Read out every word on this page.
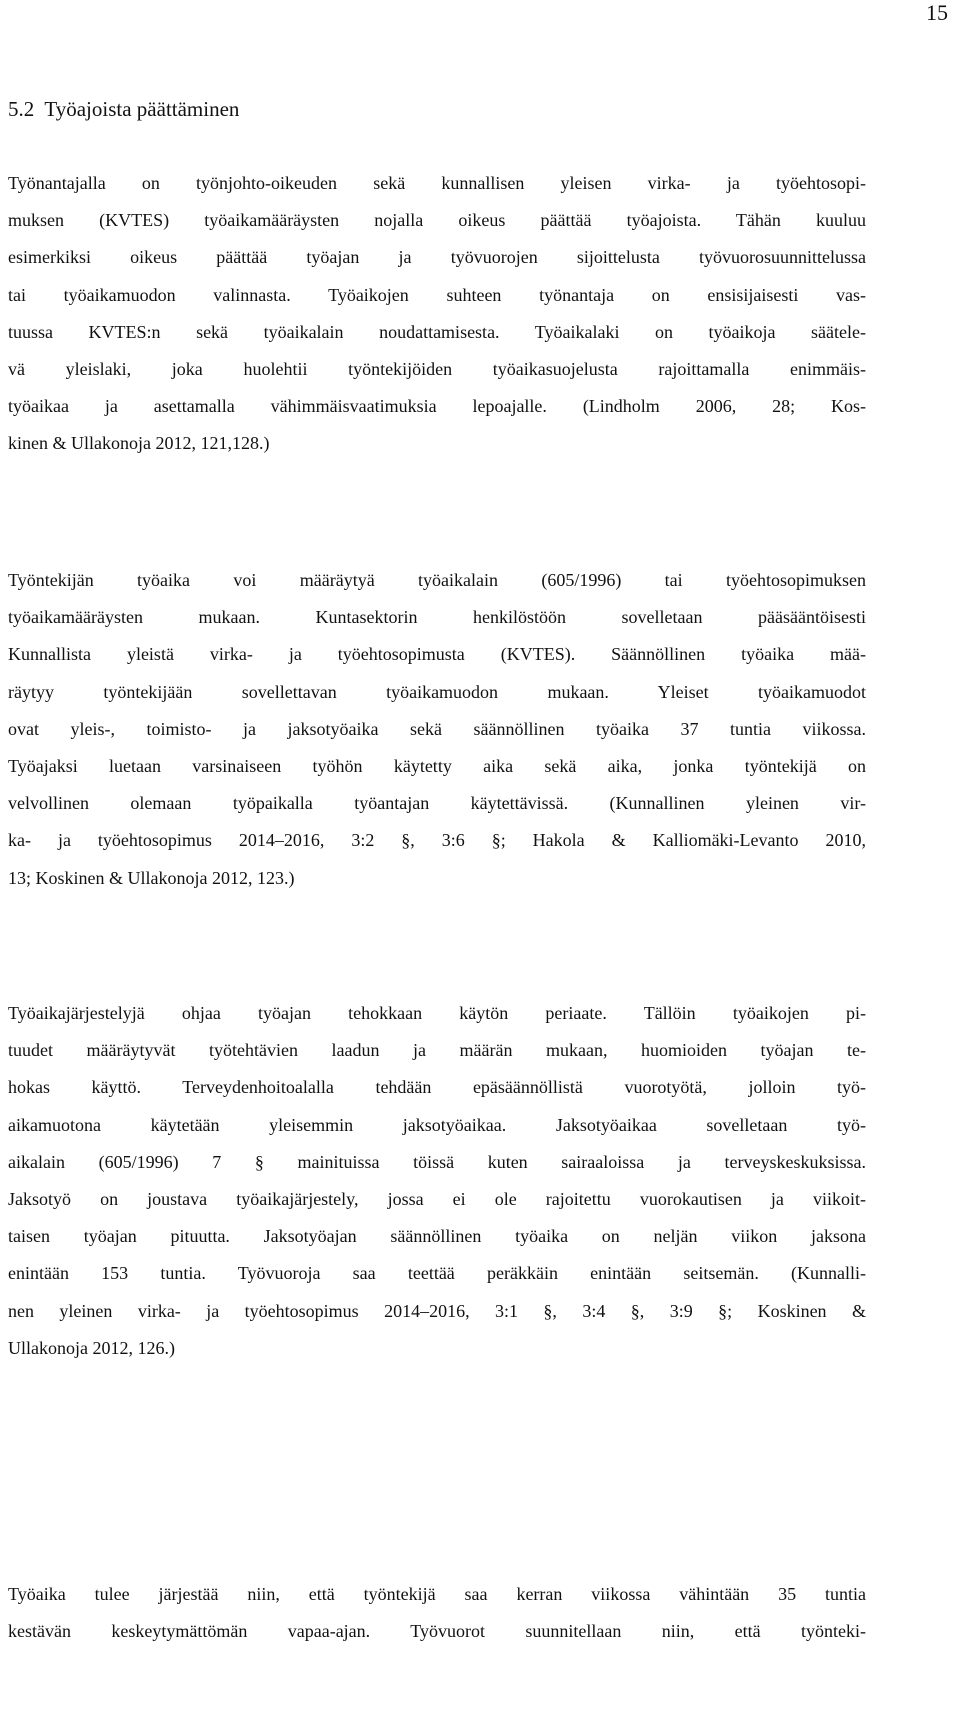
15
5.2  Työajoista päättäminen
Työnantajalla on työnjohto-oikeuden sekä kunnallisen yleisen virka- ja työehtosopi-
muksen (KVTES) työaikamääräysten nojalla oikeus päättää työajoista. Tähän kuuluu
esimerkiksi oikeus päättää työajan ja työvuorojen sijoittelusta työvuorosuunnittelussa
tai työaikamuodon valinnasta. Työaikojen suhteen työnantaja on ensisijaisesti vas-
tuussa KVTES:n sekä työaikalain noudattamisesta. Työaikalaki on työaikoja säätele-
vä yleislaki, joka huolehtii työntekijöiden työaikasuojelusta rajoittamalla enimmäis-
työaikaa ja asettamalla vähimmäisvaatimuksia lepoajalle. (Lindholm 2006, 28; Kos-
kinen & Ullakonoja 2012, 121,128.)
Työntekijän työaika voi määräytyä työaikalain (605/1996) tai työehtosopimuksen
työaikamääräysten mukaan. Kuntasektorin henkilöstöön sovelletaan pääsääntöisesti
Kunnallista yleistä virka- ja työehtosopimusta (KVTES). Säännöllinen työaika mää-
räytyy työntekijään sovellettavan työaikamuodon mukaan. Yleiset työaikamuodot
ovat yleis-, toimisto- ja jaksotyöaika sekä säännöllinen työaika 37 tuntia viikossa.
Työajaksi luetaan varsinaiseen työhön käytetty aika sekä aika, jonka työntekijä on
velvollinen olemaan työpaikalla työantajan käytettävissä. (Kunnallinen yleinen vir-
ka- ja työehtosopimus 2014–2016, 3:2 §, 3:6 §; Hakola & Kalliomäki-Levanto 2010,
13; Koskinen & Ullakonoja 2012, 123.)
Työaikajärjestelyjä ohjaa työajan tehokkaan käytön periaate. Tällöin työaikojen pi-
tuudet määräytyvät työtehtävien laadun ja määrän mukaan, huomioiden työajan te-
hokas käyttö. Terveydenhoitoalalla tehdään epäsäännöllistä vuorotyötä, jolloin työ-
aikamuotona käytetään yleisemmin jaksotyöaikaa. Jaksotyöaikaa sovelletaan työ-
aikalain (605/1996) 7 § mainituissa töissä kuten sairaaloissa ja terveyskeskuksissa.
Jaksotyö on joustava työaikajärjestely, jossa ei ole rajoitettu vuorokautisen ja viikoit-
taisen työajan pituutta. Jaksotyöajan säännöllinen työaika on neljän viikon jaksona
enintään 153 tuntia. Työvuoroja saa teettää peräkkäin enintään seitsemän. (Kunnalli-
nen yleinen virka- ja työehtosopimus 2014–2016, 3:1 §, 3:4 §, 3:9 §; Koskinen &
Ullakonoja 2012, 126.)
Työaika tulee järjestää niin, että työntekijä saa kerran viikossa vähintään 35 tuntia
kestävän keskeytymättömän vapaa-ajan. Työvuorot suunnitellaan niin, että työnteki-
